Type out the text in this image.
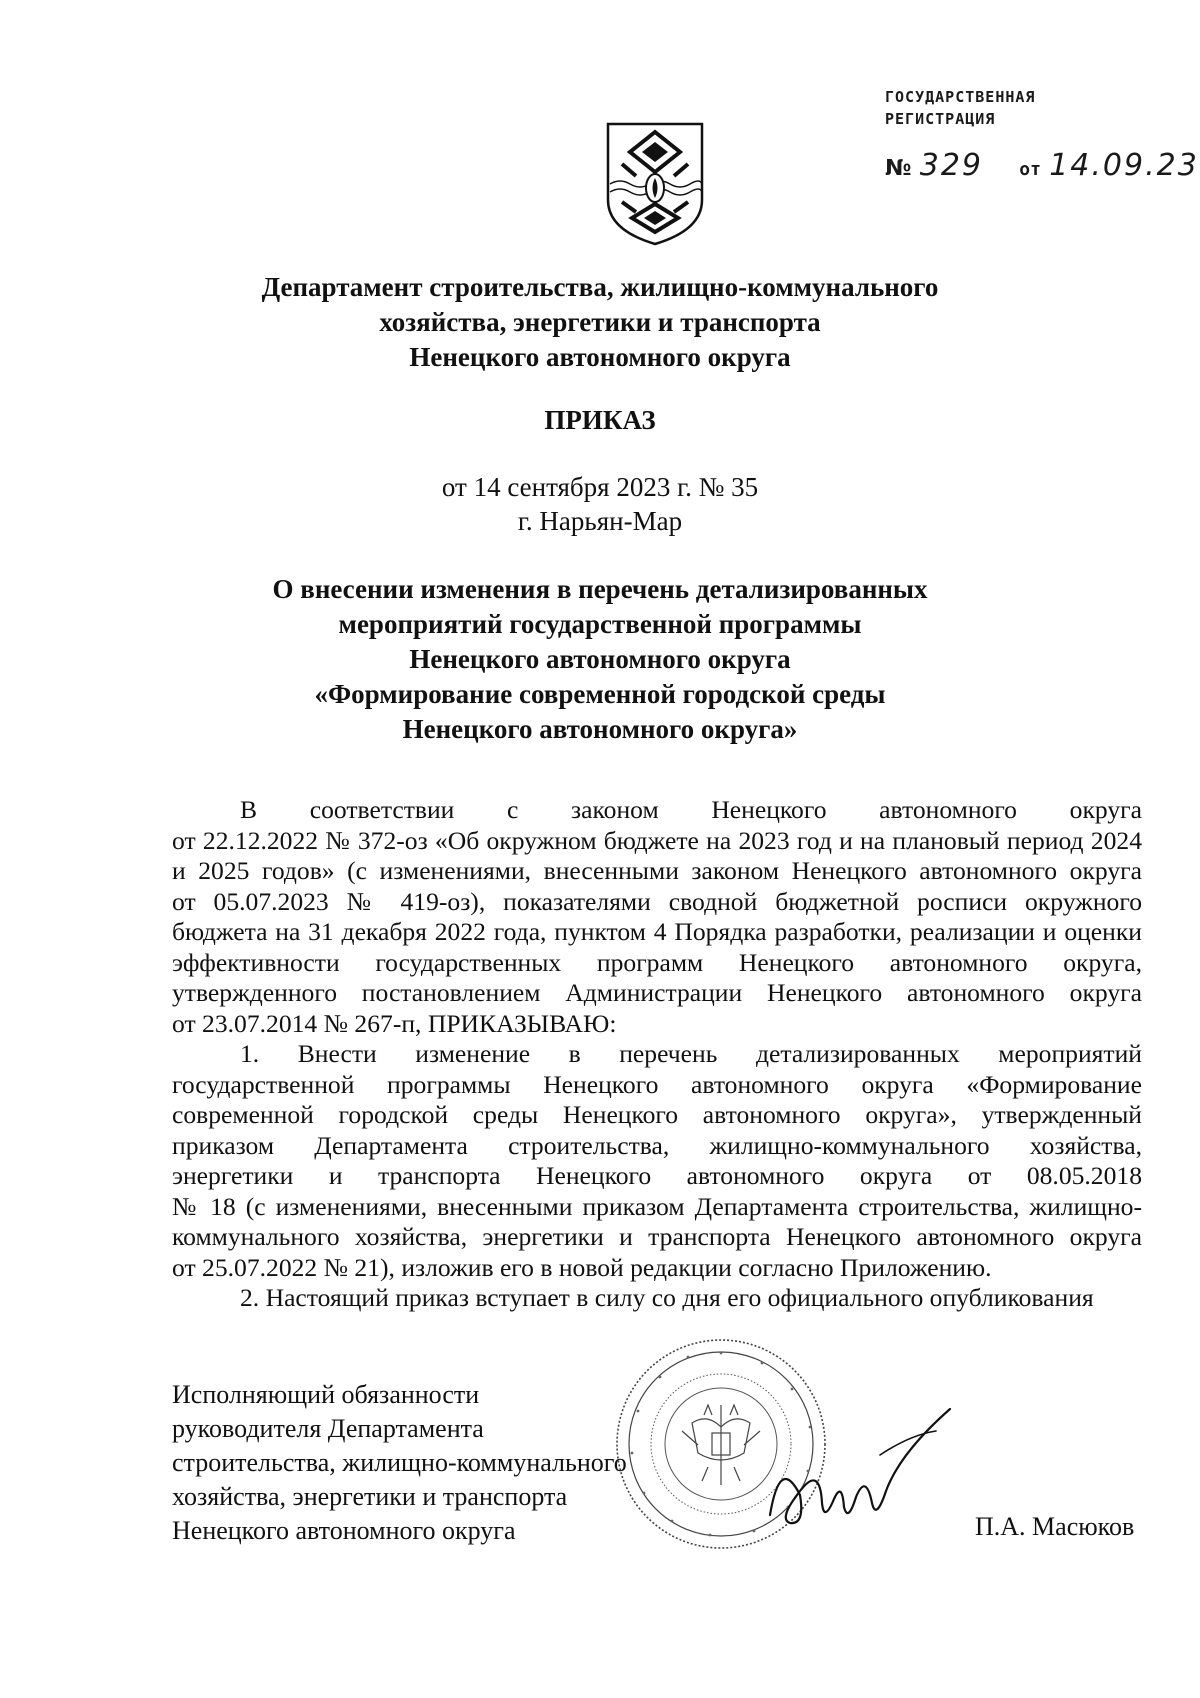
ГОСУДАРСТВЕННАЯ
РЕГИСТРАЦИЯ
№ 329 от 14.09.23
Департамент строительства, жилищно-коммунального
хозяйства, энергетики и транспорта
Ненецкого автономного округа
ПРИКАЗ
от 14 сентября 2023 г. № 35
г. Нарьян-Мар
О внесении изменения в перечень детализированных
мероприятий государственной программы
Ненецкого автономного округа
«Формирование современной городской среды
Ненецкого автономного округа»

В соответствии с законом Ненецкого автономного округа

от 22.12.2022 № 372-оз «Об окружном бюджете на 2023 год и на плановый период 2024

и 2025 годов» (с изменениями, внесенными законом Ненецкого автономного округа

от 05.07.2023 № 419-оз), показателями сводной бюджетной росписи окружного

бюджета на 31 декабря 2022 года, пунктом 4 Порядка разработки, реализации и оценки

эффективности государственных программ Ненецкого автономного округа,

утвержденного постановлением Администрации Ненецкого автономного округа

от 23.07.2014 № 267-п, ПРИКАЗЫВАЮ:

1. Внести изменение в перечень детализированных мероприятий

государственной программы Ненецкого автономного округа «Формирование

современной городской среды Ненецкого автономного округа», утвержденный

приказом Департамента строительства, жилищно-коммунального хозяйства,

энергетики и транспорта Ненецкого автономного округа от 08.05.2018

№ 18 (с изменениями, внесенными приказом Департамента строительства, жилищно-

коммунального хозяйства, энергетики и транспорта Ненецкого автономного округа

от 25.07.2022 № 21), изложив его в новой редакции согласно Приложению.

2. Настоящий приказ вступает в силу со дня его официального опубликования

Исполняющий обязанности
руководителя Департамента
строительства, жилищно-коммунального
хозяйства, энергетики и транспорта
Ненецкого автономного округа	П.А. Масюков
